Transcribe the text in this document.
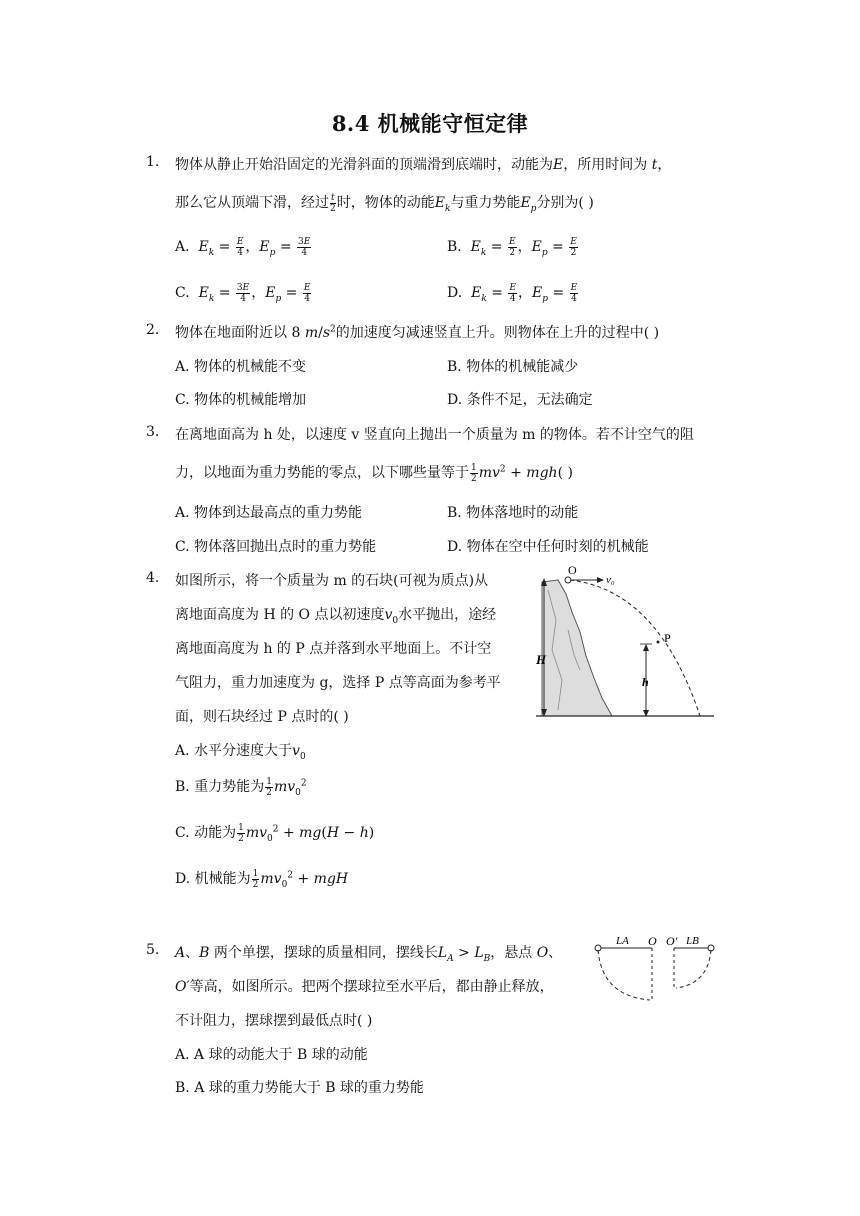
8.4 机械能守恒定律
1. 物体从静止开始沿固定的光滑斜面的顶端滑到底端时，动能为E，所用时间为 t，
那么它从顶端下滑，经过 $\frac{t}{2}$ 时，物体的动能$E_k$与重力势能$E_p$分别为( )
A. $E_k = \frac{E}{4}$ ，$E_p = \frac{3E}{4}$	B. $E_k = \frac{E}{2}$ ，$E_p = \frac{E}{2}$
C. $E_k = \frac{3E}{4}$ ，$E_p = \frac{E}{4}$	D. $E_k = \frac{E}{4}$ ，$E_p = \frac{E}{4}$
2. 物体在地面附近以 8 $m/s^2$的加速度匀减速竖直上升。则物体在上升的过程中( )
A. 物体的机械能不变	B. 物体的机械能减少
C. 物体的机械能增加	D. 条件不足，无法确定
3. 在离地面高为 h 处，以速度 v 竖直向上抛出一个质量为 m 的物体。若不计空气的阻
力，以地面为重力势能的零点，以下哪些量等于 $\frac{1}{2} mv^2 + mgh$( )
A. 物体到达最高点的重力势能	B. 物体落地时的动能
C. 物体落回抛出点时的重力势能	D. 物体在空中任何时刻的机械能
4. 如图所示，将一个质量为 m 的石块(可视为质点)从
离地面高度为 H 的 O 点以初速度$v_0$水平抛出，途经
离地面高度为 h 的 P 点并落到水平地面上。不计空
气阻力，重力加速度为 g，选择 P 点等高面为参考平
面，则石块经过 P 点时的( )
H
O
v₀
P
h
A. 水平分速度大于$v_0$
B. 重力势能为 $\frac{1}{2} mv_0^2$
C. 动能为 $\frac{1}{2} mv_0^2 + mg(H - h)$
D. 机械能为 $\frac{1}{2} mv_0^2$ + mgH
5. A、B 两个单摆，摆球的质量相同，摆线长$L_A > L_B$，悬点 O、
O′等高，如图所示。把两个摆球拉至水平后，都由静止释放，
不计阻力，摆球摆到最低点时( )
A. A 球的动能大于 B 球的动能
B. A 球的重力势能大于 B 球的重力势能
LA O O′ LB
